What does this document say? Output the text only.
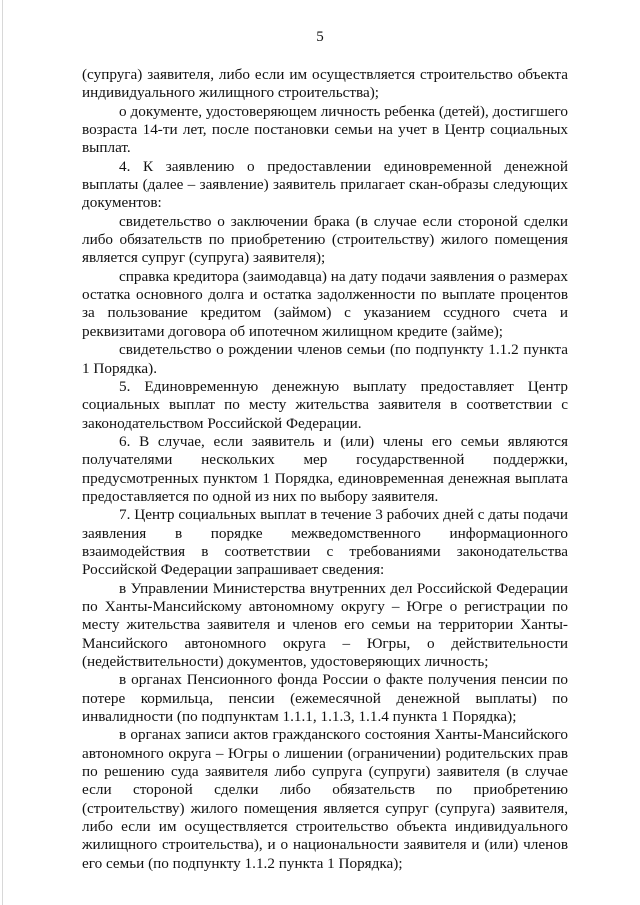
5

(супруга) заявителя, либо если им осуществляется строительство объекта индивидуального жилищного строительства);

о документе, удостоверяющем личность ребенка (детей), достигшего возраста 14-ти лет, после постановки семьи на учет в Центр социальных выплат.

4. К заявлению о предоставлении единовременной денежной выплаты (далее – заявление) заявитель прилагает скан-образы следующих документов:

свидетельство о заключении брака (в случае если стороной сделки либо обязательств по приобретению (строительству) жилого помещения является супруг (супруга) заявителя);

справка кредитора (заимодавца) на дату подачи заявления о размерах остатка основного долга и остатка задолженности по выплате процентов за пользование кредитом (займом) с указанием ссудного счета и реквизитами договора об ипотечном жилищном кредите (займе);

свидетельство о рождении членов семьи (по подпункту 1.1.2 пункта 1 Порядка).

5. Единовременную денежную выплату предоставляет Центр социальных выплат по месту жительства заявителя в соответствии с законодательством Российской Федерации.

6. В случае, если заявитель и (или) члены его семьи являются получателями нескольких мер государственной поддержки, предусмотренных пунктом 1 Порядка, единовременная денежная выплата предоставляется по одной из них по выбору заявителя.

7. Центр социальных выплат в течение 3 рабочих дней с даты подачи заявления в порядке межведомственного информационного взаимодействия в соответствии с требованиями законодательства Российской Федерации запрашивает сведения:

в Управлении Министерства внутренних дел Российской Федерации по Ханты-Мансийскому автономному округу – Югре о регистрации по месту жительства заявителя и членов его семьи на территории Ханты-Мансийского автономного округа – Югры, о действительности (недействительности) документов, удостоверяющих личность;

в органах Пенсионного фонда России о факте получения пенсии по потере кормильца, пенсии (ежемесячной денежной выплаты) по инвалидности (по подпунктам 1.1.1, 1.1.3, 1.1.4 пункта 1 Порядка);

в органах записи актов гражданского состояния Ханты-Мансийского автономного округа – Югры о лишении (ограничении) родительских прав по решению суда заявителя либо супруга (супруги) заявителя (в случае если стороной сделки либо обязательств по приобретению (строительству) жилого помещения является супруг (супруга) заявителя, либо если им осуществляется строительство объекта индивидуального жилищного строительства), и о национальности заявителя и (или) членов его семьи (по подпункту 1.1.2 пункта 1 Порядка);
